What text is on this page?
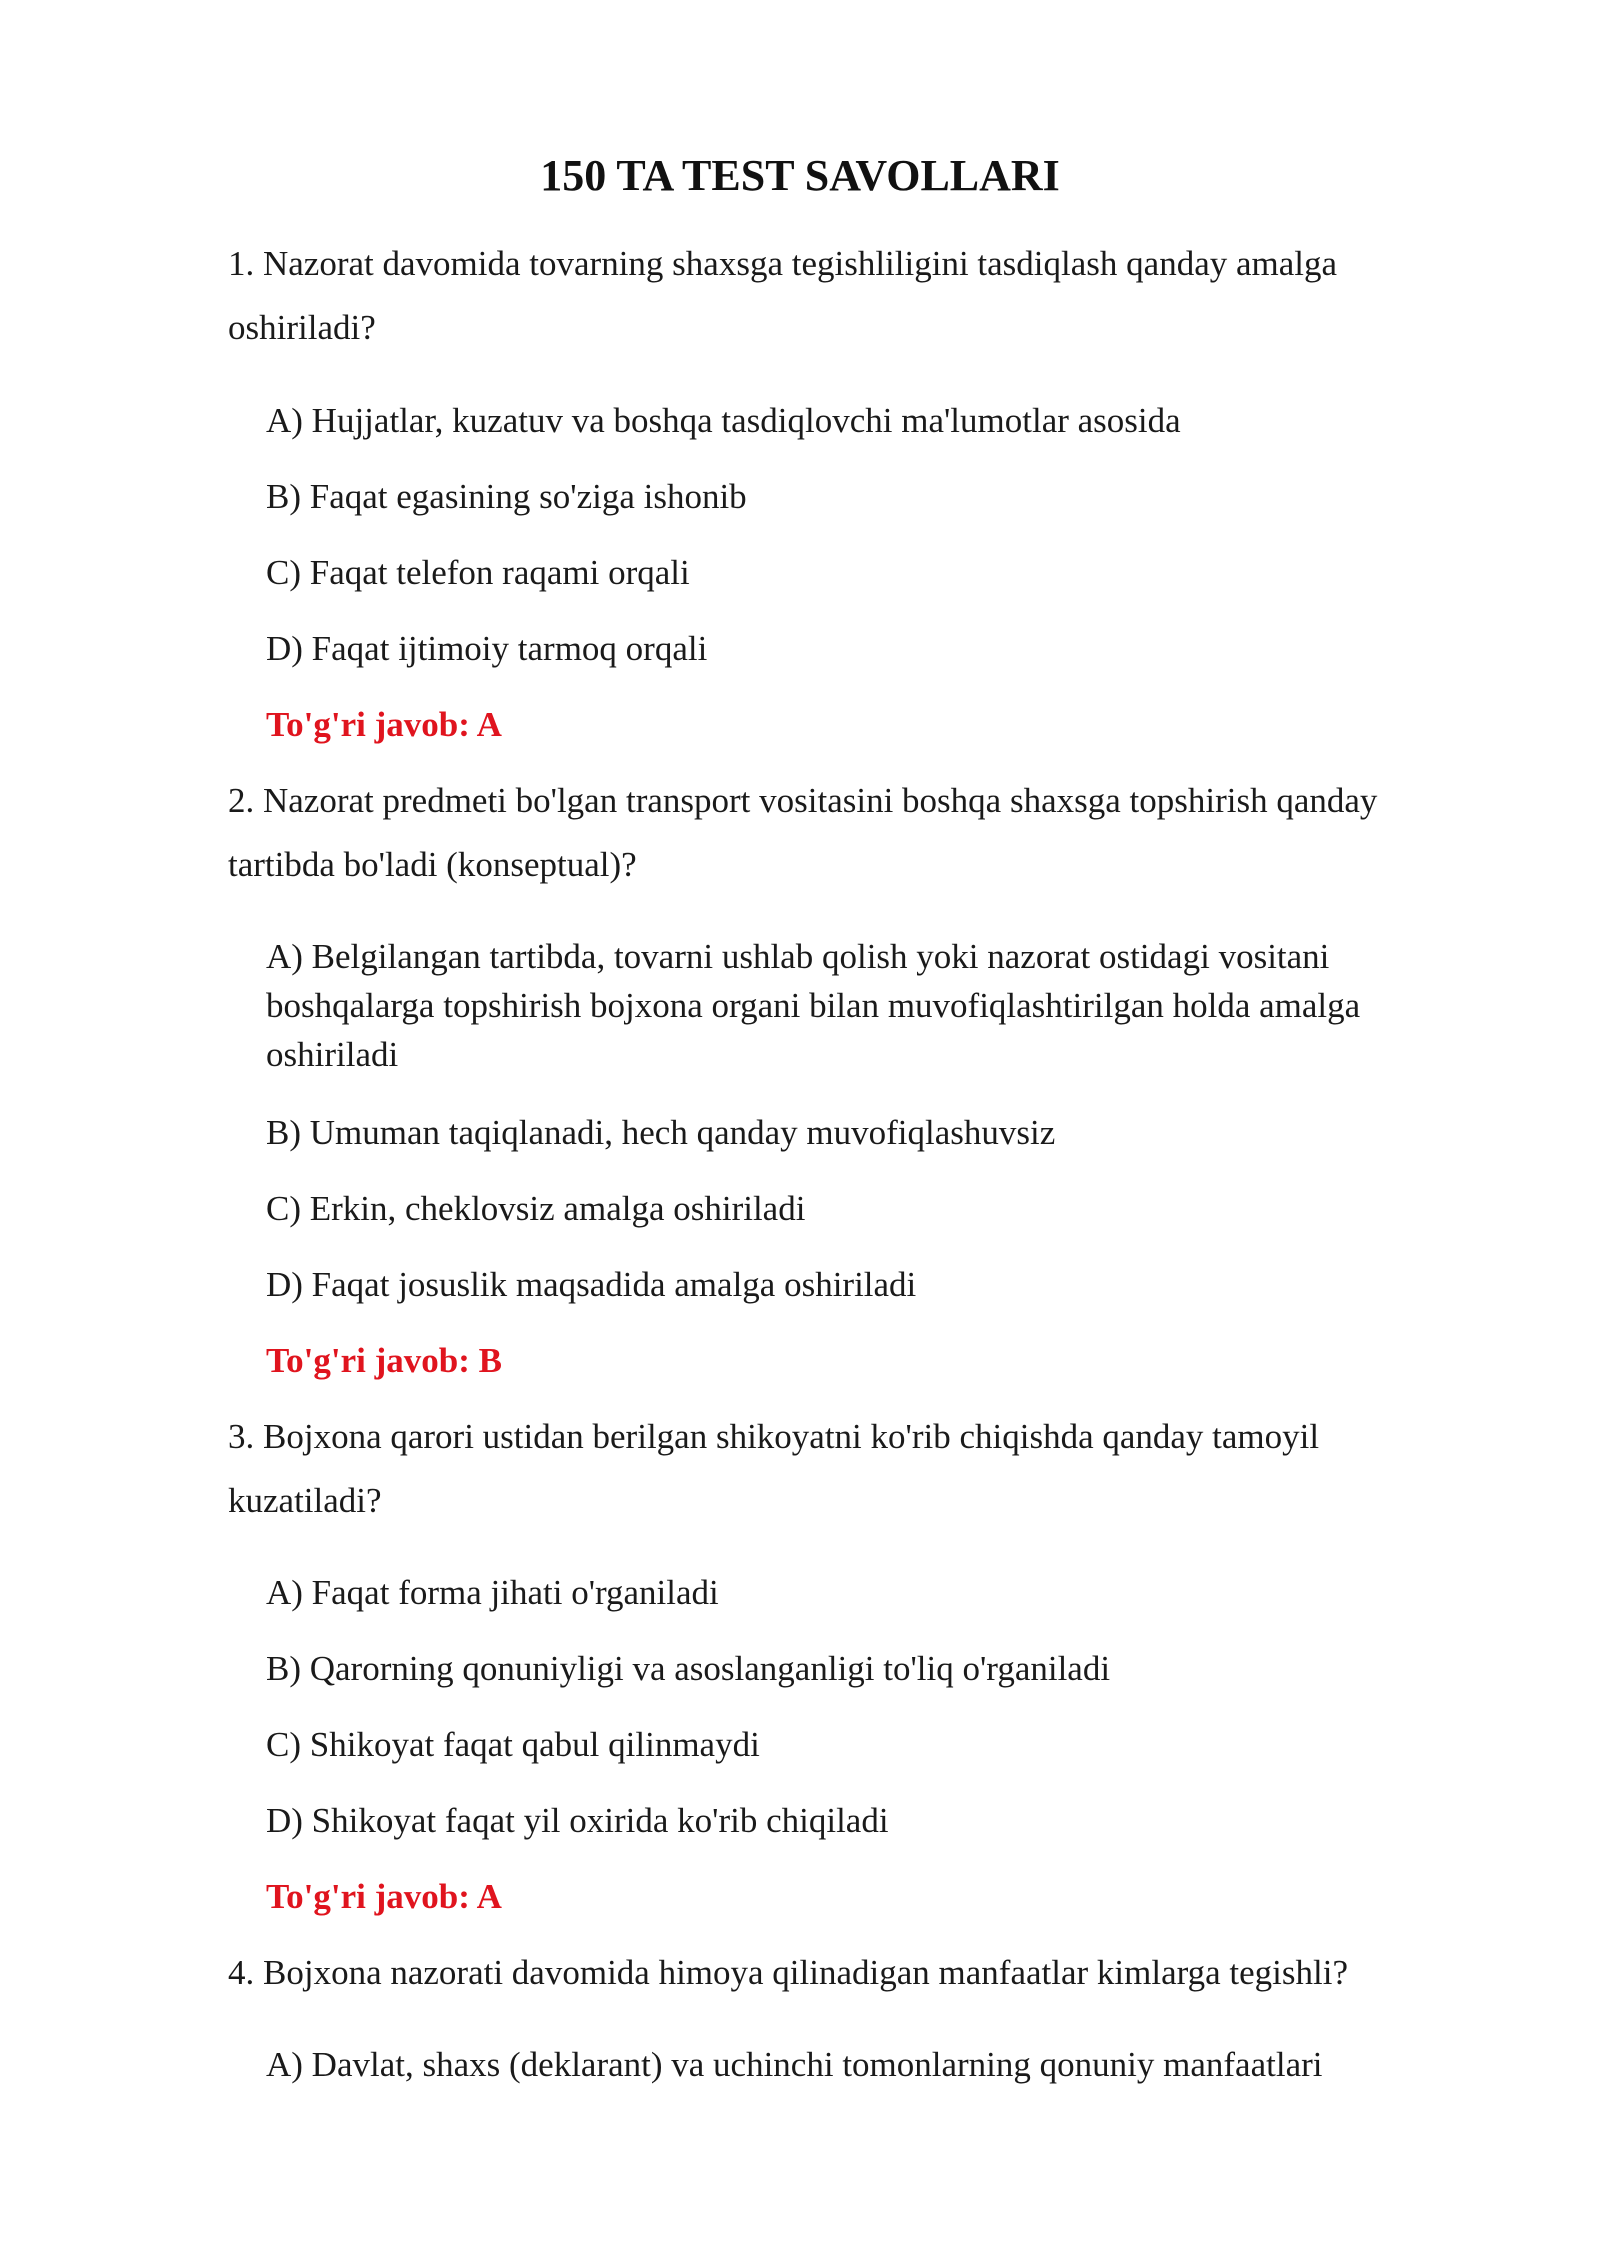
150 TA TEST SAVOLLARI
1. Nazorat davomida tovarning shaxsga tegishliligini tasdiqlash qanday amalga
oshiriladi?
A) Hujjatlar, kuzatuv va boshqa tasdiqlovchi ma'lumotlar asosida
B) Faqat egasining so'ziga ishonib
C) Faqat telefon raqami orqali
D) Faqat ijtimoiy tarmoq orqali
To'g'ri javob: A
2. Nazorat predmeti bo'lgan transport vositasini boshqa shaxsga topshirish qanday
tartibda bo'ladi (konseptual)?
A) Belgilangan tartibda, tovarni ushlab qolish yoki nazorat ostidagi vositani
boshqalarga topshirish bojxona organi bilan muvofiqlashtirilgan holda amalga
oshiriladi
B) Umuman taqiqlanadi, hech qanday muvofiqlashuvsiz
C) Erkin, cheklovsiz amalga oshiriladi
D) Faqat josuslik maqsadida amalga oshiriladi
To'g'ri javob: B
3. Bojxona qarori ustidan berilgan shikoyatni ko'rib chiqishda qanday tamoyil
kuzatiladi?
A) Faqat forma jihati o'rganiladi
B) Qarorning qonuniyligi va asoslanganligi to'liq o'rganiladi
C) Shikoyat faqat qabul qilinmaydi
D) Shikoyat faqat yil oxirida ko'rib chiqiladi
To'g'ri javob: A
4. Bojxona nazorati davomida himoya qilinadigan manfaatlar kimlarga tegishli?
A) Davlat, shaxs (deklarant) va uchinchi tomonlarning qonuniy manfaatlari
